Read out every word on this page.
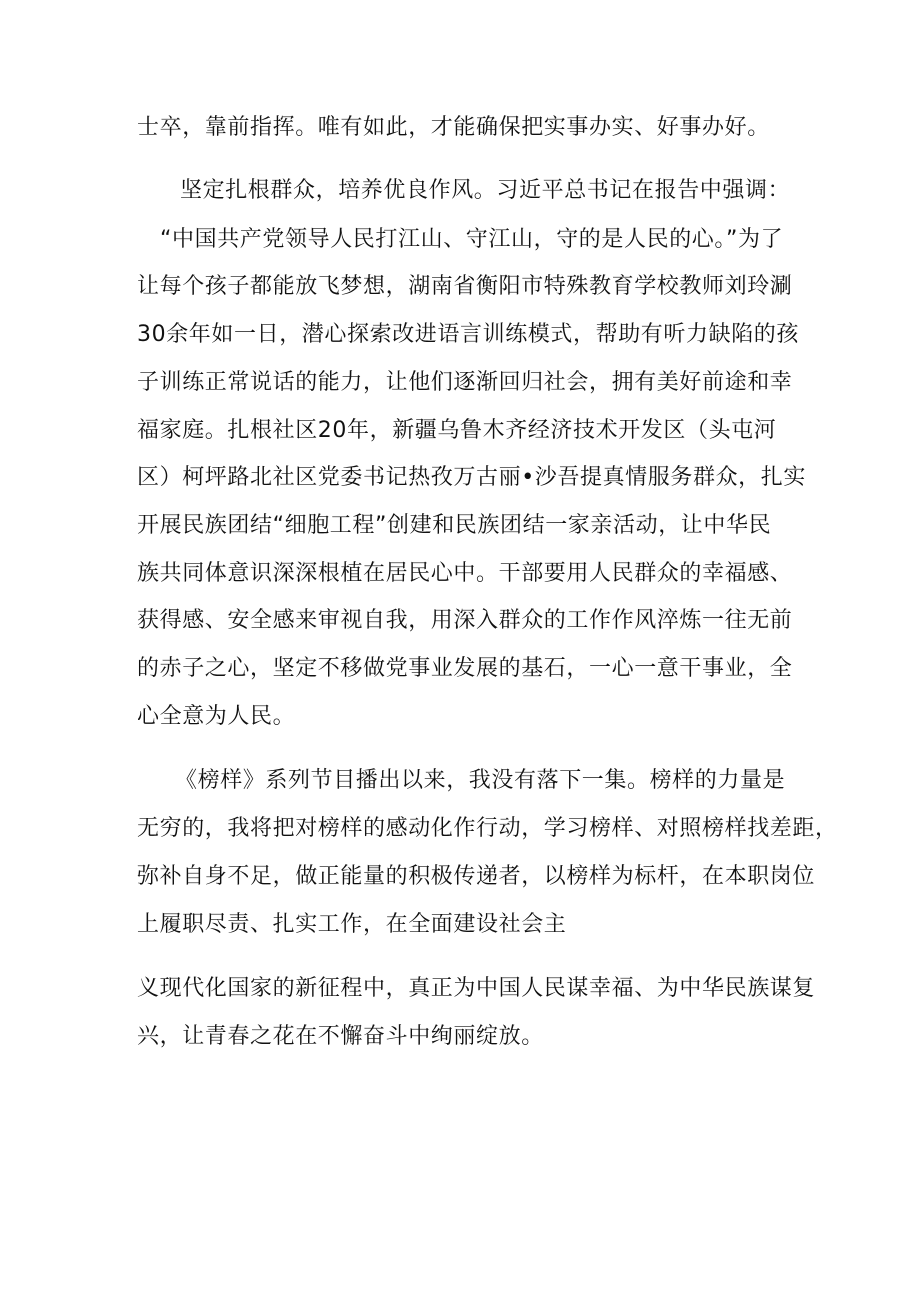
士卒，靠前指挥。唯有如此，才能确保把实事办实、好事办好。

坚定扎根群众，培养优良作风。习近平总书记在报告中强调：

“中国共产党领导人民打江山、守江山，守的是人民的心。”为了

让每个孩子都能放飞梦想，湖南省衡阳市特殊教育学校教师刘玲涮

30余年如一日，潜心探索改进语言训练模式，帮助有听力缺陷的孩

子训练正常说话的能力，让他们逐渐回归社会，拥有美好前途和幸

福家庭。扎根社区20年，新疆乌鲁木齐经济技术开发区（头屯河

区）柯坪路北社区党委书记热孜万古丽•沙吾提真情服务群众，扎实

开展民族团结“细胞工程”创建和民族团结一家亲活动，让中华民

族共同体意识深深根植在居民心中。干部要用人民群众的幸福感、

获得感、安全感来审视自我，用深入群众的工作作风淬炼一往无前

的赤子之心，坚定不移做党事业发展的基石，一心一意干事业，全

心全意为人民。

《榜样》系列节目播出以来，我没有落下一集。榜样的力量是

无穷的，我将把对榜样的感动化作行动，学习榜样、对照榜样找差距，

弥补自身不足，做正能量的积极传递者，以榜样为标杆，在本职岗位

上履职尽责、扎实工作，在全面建设社会主

义现代化国家的新征程中，真正为中国人民谋幸福、为中华民族谋复

兴，让青春之花在不懈奋斗中绚丽绽放。
